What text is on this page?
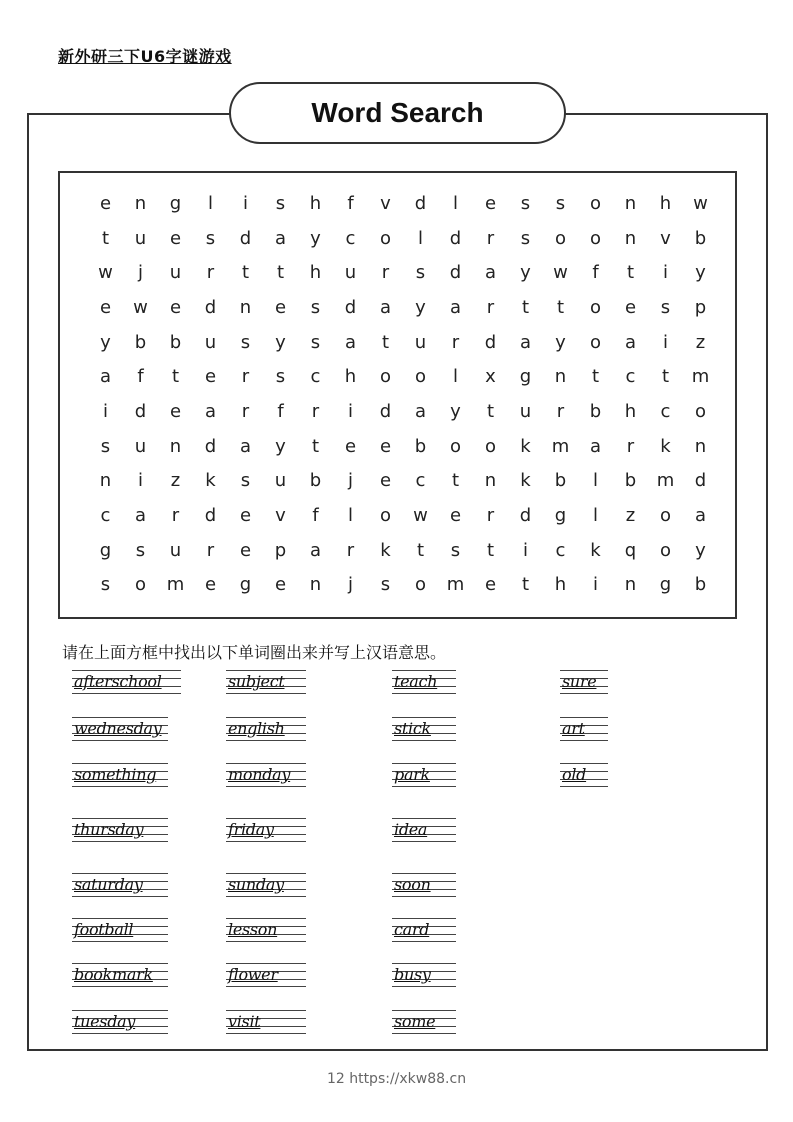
新外研三下U6字谜游戏
Word Search
e	n	g	l	i	s	h	f	v	d	l	e	s	s	o	n	h	w
t	u	e	s	d	a	y	c	o	l	d	r	s	o	o	n	v	b
w	j	u	r	t	t	h	u	r	s	d	a	y	w	f	t	i	y
e	w	e	d	n	e	s	d	a	y	a	r	t	t	o	e	s	p
y	b	b	u	s	y	s	a	t	u	r	d	a	y	o	a	i	z
a	f	t	e	r	s	c	h	o	o	l	x	g	n	t	c	t	m
i	d	e	a	r	f	r	i	d	a	y	t	u	r	b	h	c	o
s	u	n	d	a	y	t	e	e	b	o	o	k	m	a	r	k	n
n	i	z	k	s	u	b	j	e	c	t	n	k	b	l	b	m	d
c	a	r	d	e	v	f	l	o	w	e	r	d	g	l	z	o	a
g	s	u	r	e	p	a	r	k	t	s	t	i	c	k	q	o	y
s	o	m	e	g	e	n	j	s	o	m	e	t	h	i	n	g	b
请在上面方框中找出以下单词圈出来并写上汉语意思。
afterschool	subject	teach	sure
wednesday	english	stick	art
something	monday	park	old
thursday	friday	idea
saturday	sunday	soon
football	lesson	card
bookmark	flower	busy
tuesday	visit	some
12 https://xkw88.cn
